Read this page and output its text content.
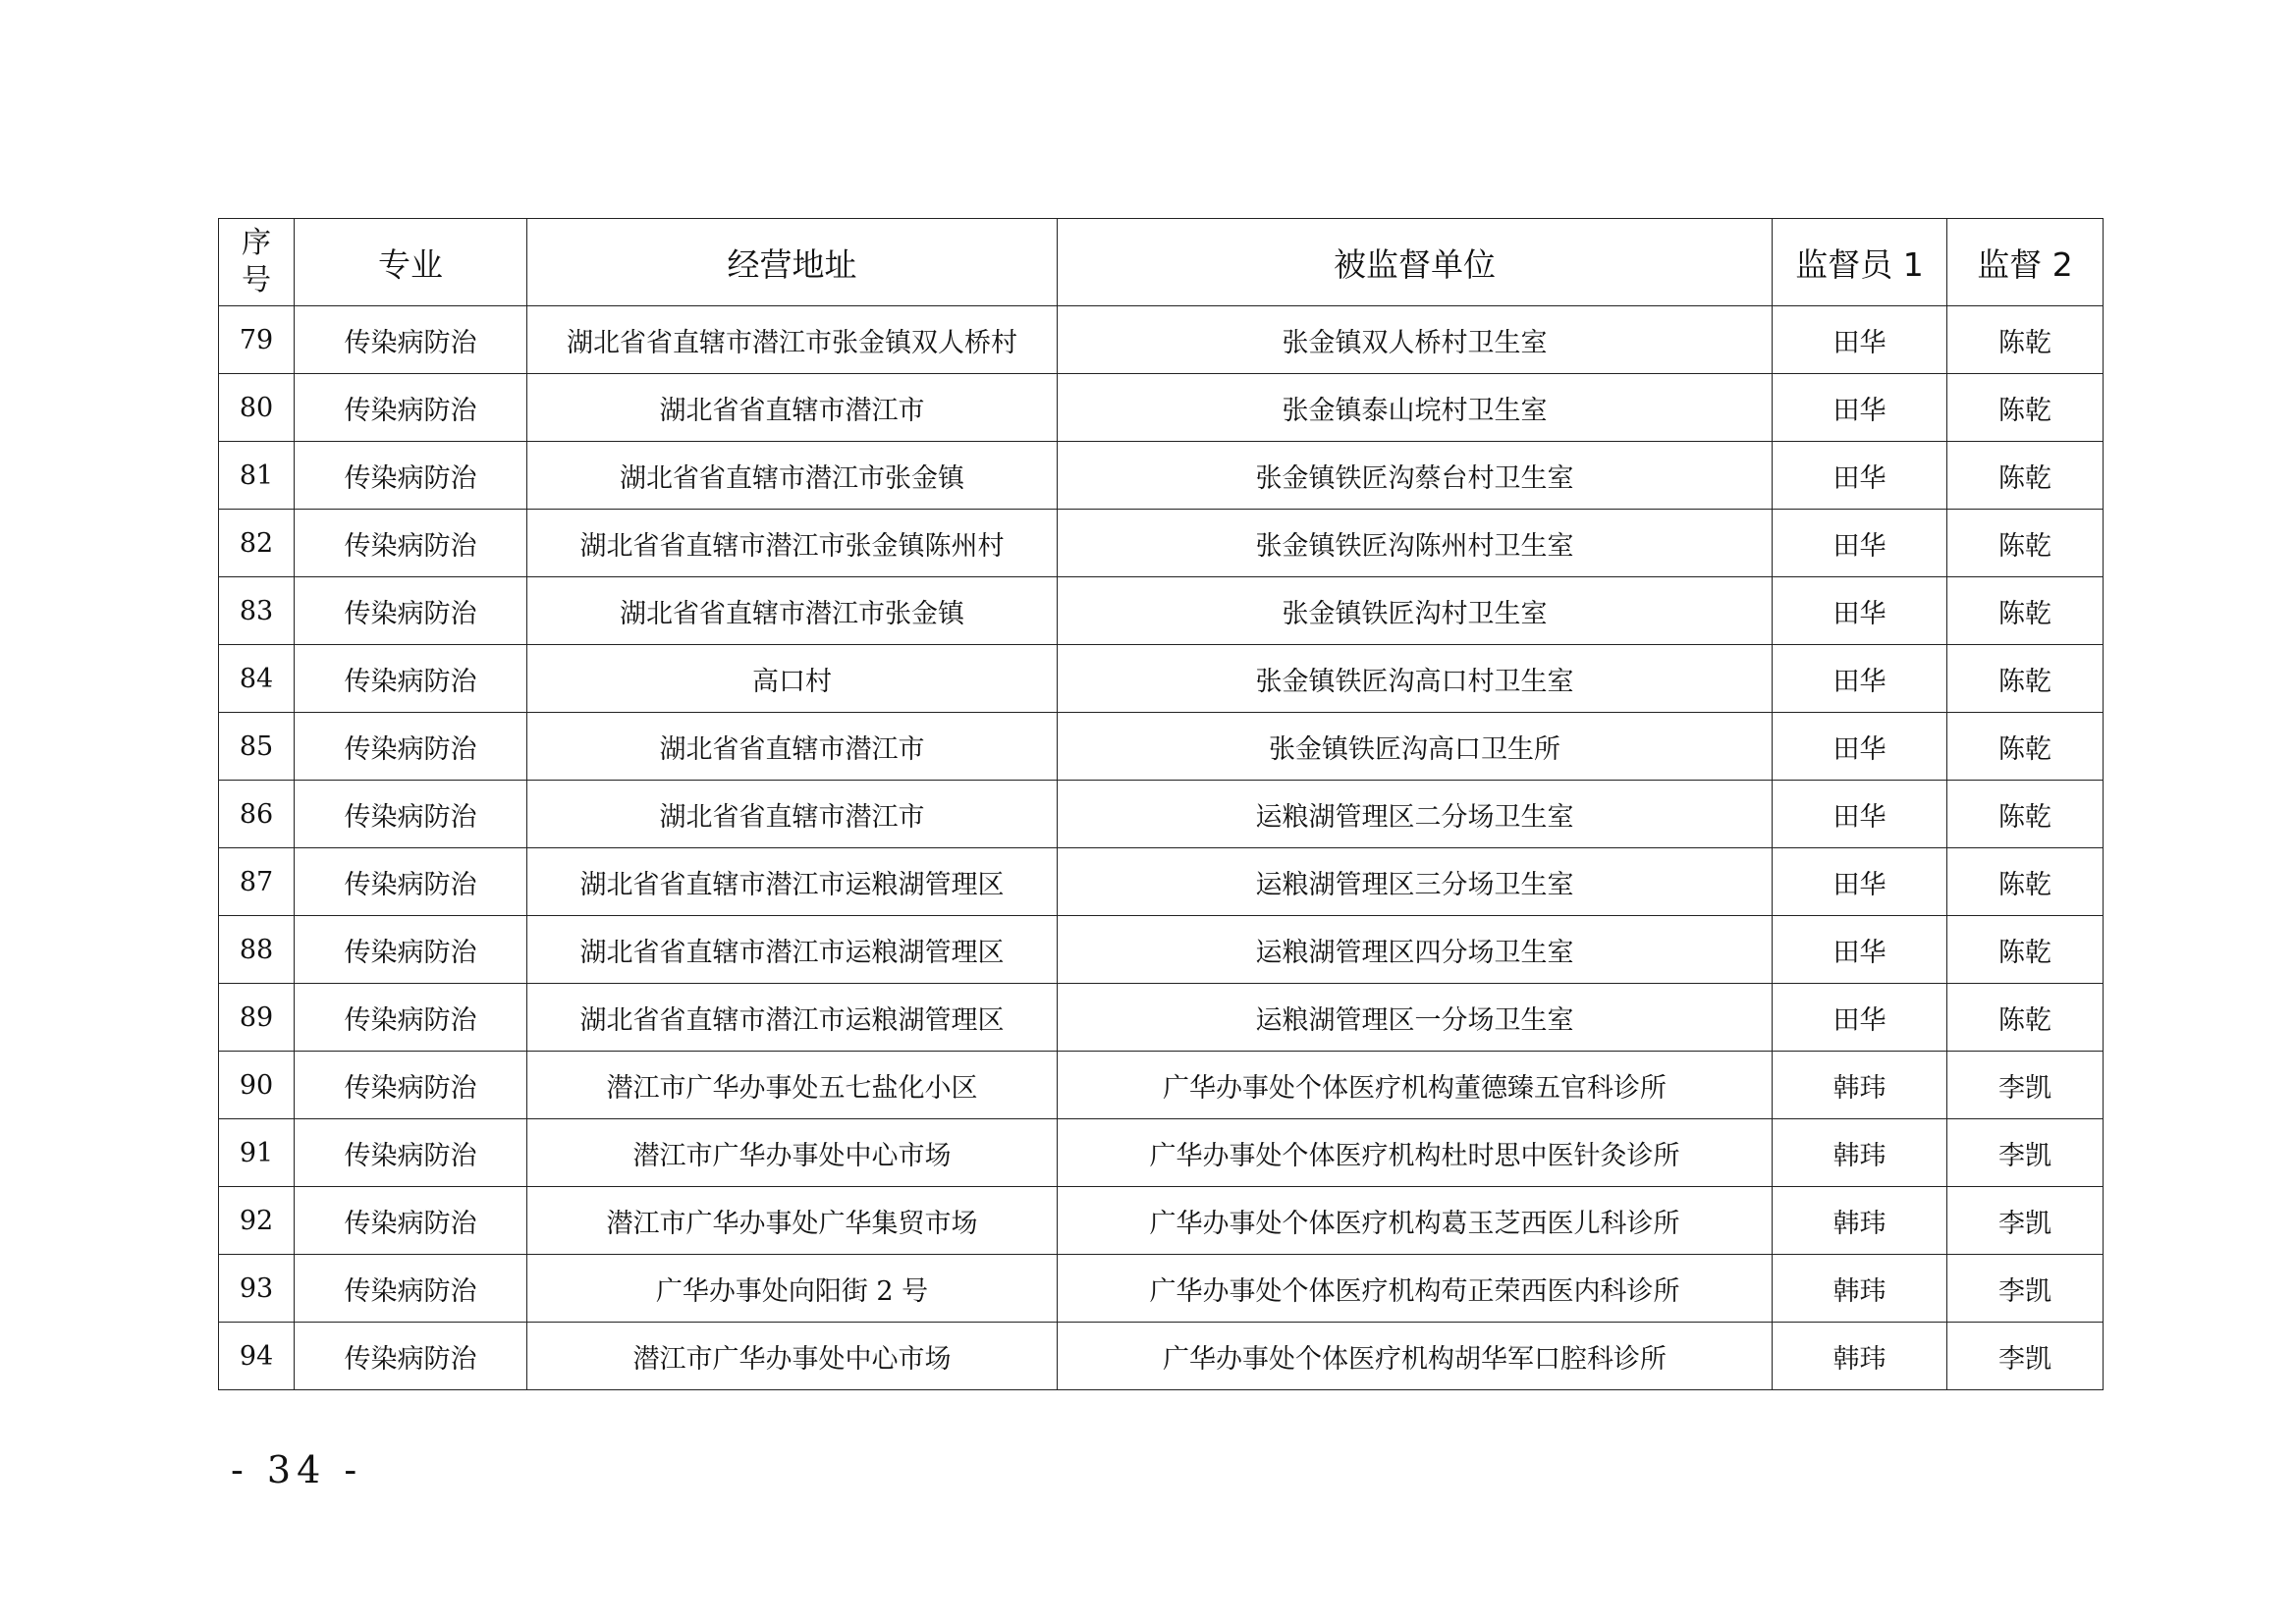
序
号	专业	经营地址	被监督单位	监督员 1	监督 2
79	传染病防治	湖北省省直辖市潜江市张金镇双人桥村	张金镇双人桥村卫生室	田华	陈乾
80	传染病防治	湖北省省直辖市潜江市	张金镇泰山垸村卫生室	田华	陈乾
81	传染病防治	湖北省省直辖市潜江市张金镇	张金镇铁匠沟蔡台村卫生室	田华	陈乾
82	传染病防治	湖北省省直辖市潜江市张金镇陈州村	张金镇铁匠沟陈州村卫生室	田华	陈乾
83	传染病防治	湖北省省直辖市潜江市张金镇	张金镇铁匠沟村卫生室	田华	陈乾
84	传染病防治	高口村	张金镇铁匠沟高口村卫生室	田华	陈乾
85	传染病防治	湖北省省直辖市潜江市	张金镇铁匠沟高口卫生所	田华	陈乾
86	传染病防治	湖北省省直辖市潜江市	运粮湖管理区二分场卫生室	田华	陈乾
87	传染病防治	湖北省省直辖市潜江市运粮湖管理区	运粮湖管理区三分场卫生室	田华	陈乾
88	传染病防治	湖北省省直辖市潜江市运粮湖管理区	运粮湖管理区四分场卫生室	田华	陈乾
89	传染病防治	湖北省省直辖市潜江市运粮湖管理区	运粮湖管理区一分场卫生室	田华	陈乾
90	传染病防治	潜江市广华办事处五七盐化小区	广华办事处个体医疗机构董德臻五官科诊所	韩玮	李凯
91	传染病防治	潜江市广华办事处中心市场	广华办事处个体医疗机构杜时思中医针灸诊所	韩玮	李凯
92	传染病防治	潜江市广华办事处广华集贸市场	广华办事处个体医疗机构葛玉芝西医儿科诊所	韩玮	李凯
93	传染病防治	广华办事处向阳街 2 号	广华办事处个体医疗机构苟正荣西医内科诊所	韩玮	李凯
94	传染病防治	潜江市广华办事处中心市场	广华办事处个体医疗机构胡华军口腔科诊所	韩玮	李凯
- 34 -
